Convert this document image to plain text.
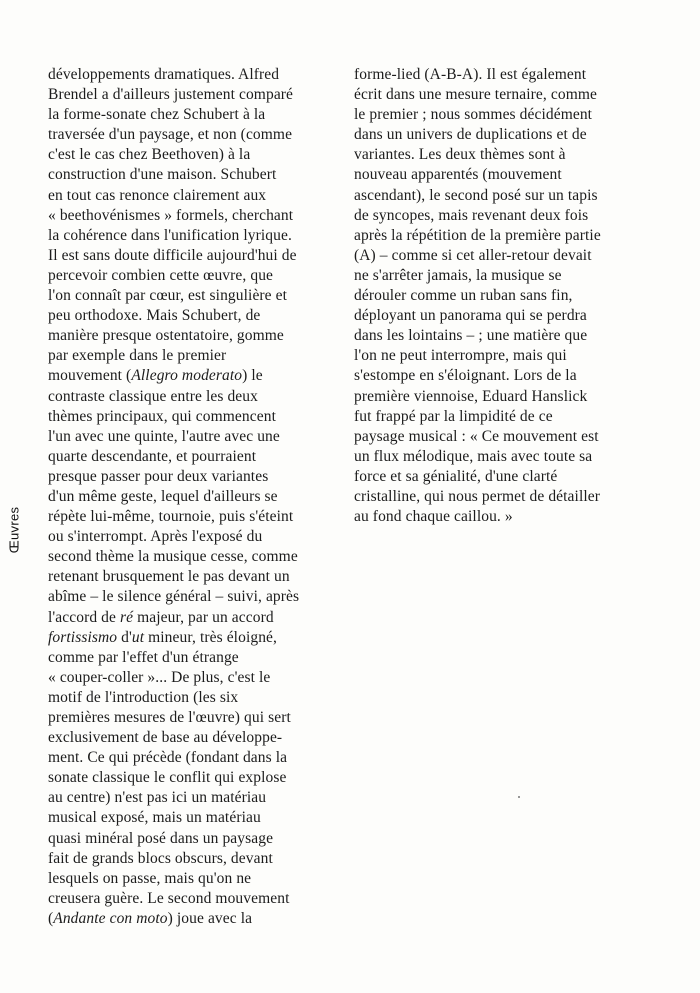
Œuvres
développements dramatiques. Alfred
Brendel a d'ailleurs justement comparé
la forme-sonate chez Schubert à la
traversée d'un paysage, et non (comme
c'est le cas chez Beethoven) à la
construction d'une maison. Schubert
en tout cas renonce clairement aux
« beethovénismes » formels, cherchant
la cohérence dans l'unification lyrique.
Il est sans doute difficile aujourd'hui de
percevoir combien cette œuvre, que
l'on connaît par cœur, est singulière et
peu orthodoxe. Mais Schubert, de
manière presque ostentatoire, gomme
par exemple dans le premier
mouvement (Allegro moderato) le
contraste classique entre les deux
thèmes principaux, qui commencent
l'un avec une quinte, l'autre avec une
quarte descendante, et pourraient
presque passer pour deux variantes
d'un même geste, lequel d'ailleurs se
répète lui-même, tournoie, puis s'éteint
ou s'interrompt. Après l'exposé du
second thème la musique cesse, comme
retenant brusquement le pas devant un
abîme – le silence général – suivi, après
l'accord de ré majeur, par un accord
fortissismo d'ut mineur, très éloigné,
comme par l'effet d'un étrange
« couper-coller »... De plus, c'est le
motif de l'introduction (les six
premières mesures de l'œuvre) qui sert
exclusivement de base au développe-
ment. Ce qui précède (fondant dans la
sonate classique le conflit qui explose
au centre) n'est pas ici un matériau
musical exposé, mais un matériau
quasi minéral posé dans un paysage
fait de grands blocs obscurs, devant
lesquels on passe, mais qu'on ne
creusera guère. Le second mouvement
(Andante con moto) joue avec la
forme-lied (A-B-A). Il est également
écrit dans une mesure ternaire, comme
le premier ; nous sommes décidément
dans un univers de duplications et de
variantes. Les deux thèmes sont à
nouveau apparentés (mouvement
ascendant), le second posé sur un tapis
de syncopes, mais revenant deux fois
après la répétition de la première partie
(A) – comme si cet aller-retour devait
ne s'arrêter jamais, la musique se
dérouler comme un ruban sans fin,
déployant un panorama qui se perdra
dans les lointains – ; une matière que
l'on ne peut interrompre, mais qui
s'estompe en s'éloignant. Lors de la
première viennoise, Eduard Hanslick
fut frappé par la limpidité de ce
paysage musical : « Ce mouvement est
un flux mélodique, mais avec toute sa
force et sa génialité, d'une clarté
cristalline, qui nous permet de détailler
au fond chaque caillou. »
